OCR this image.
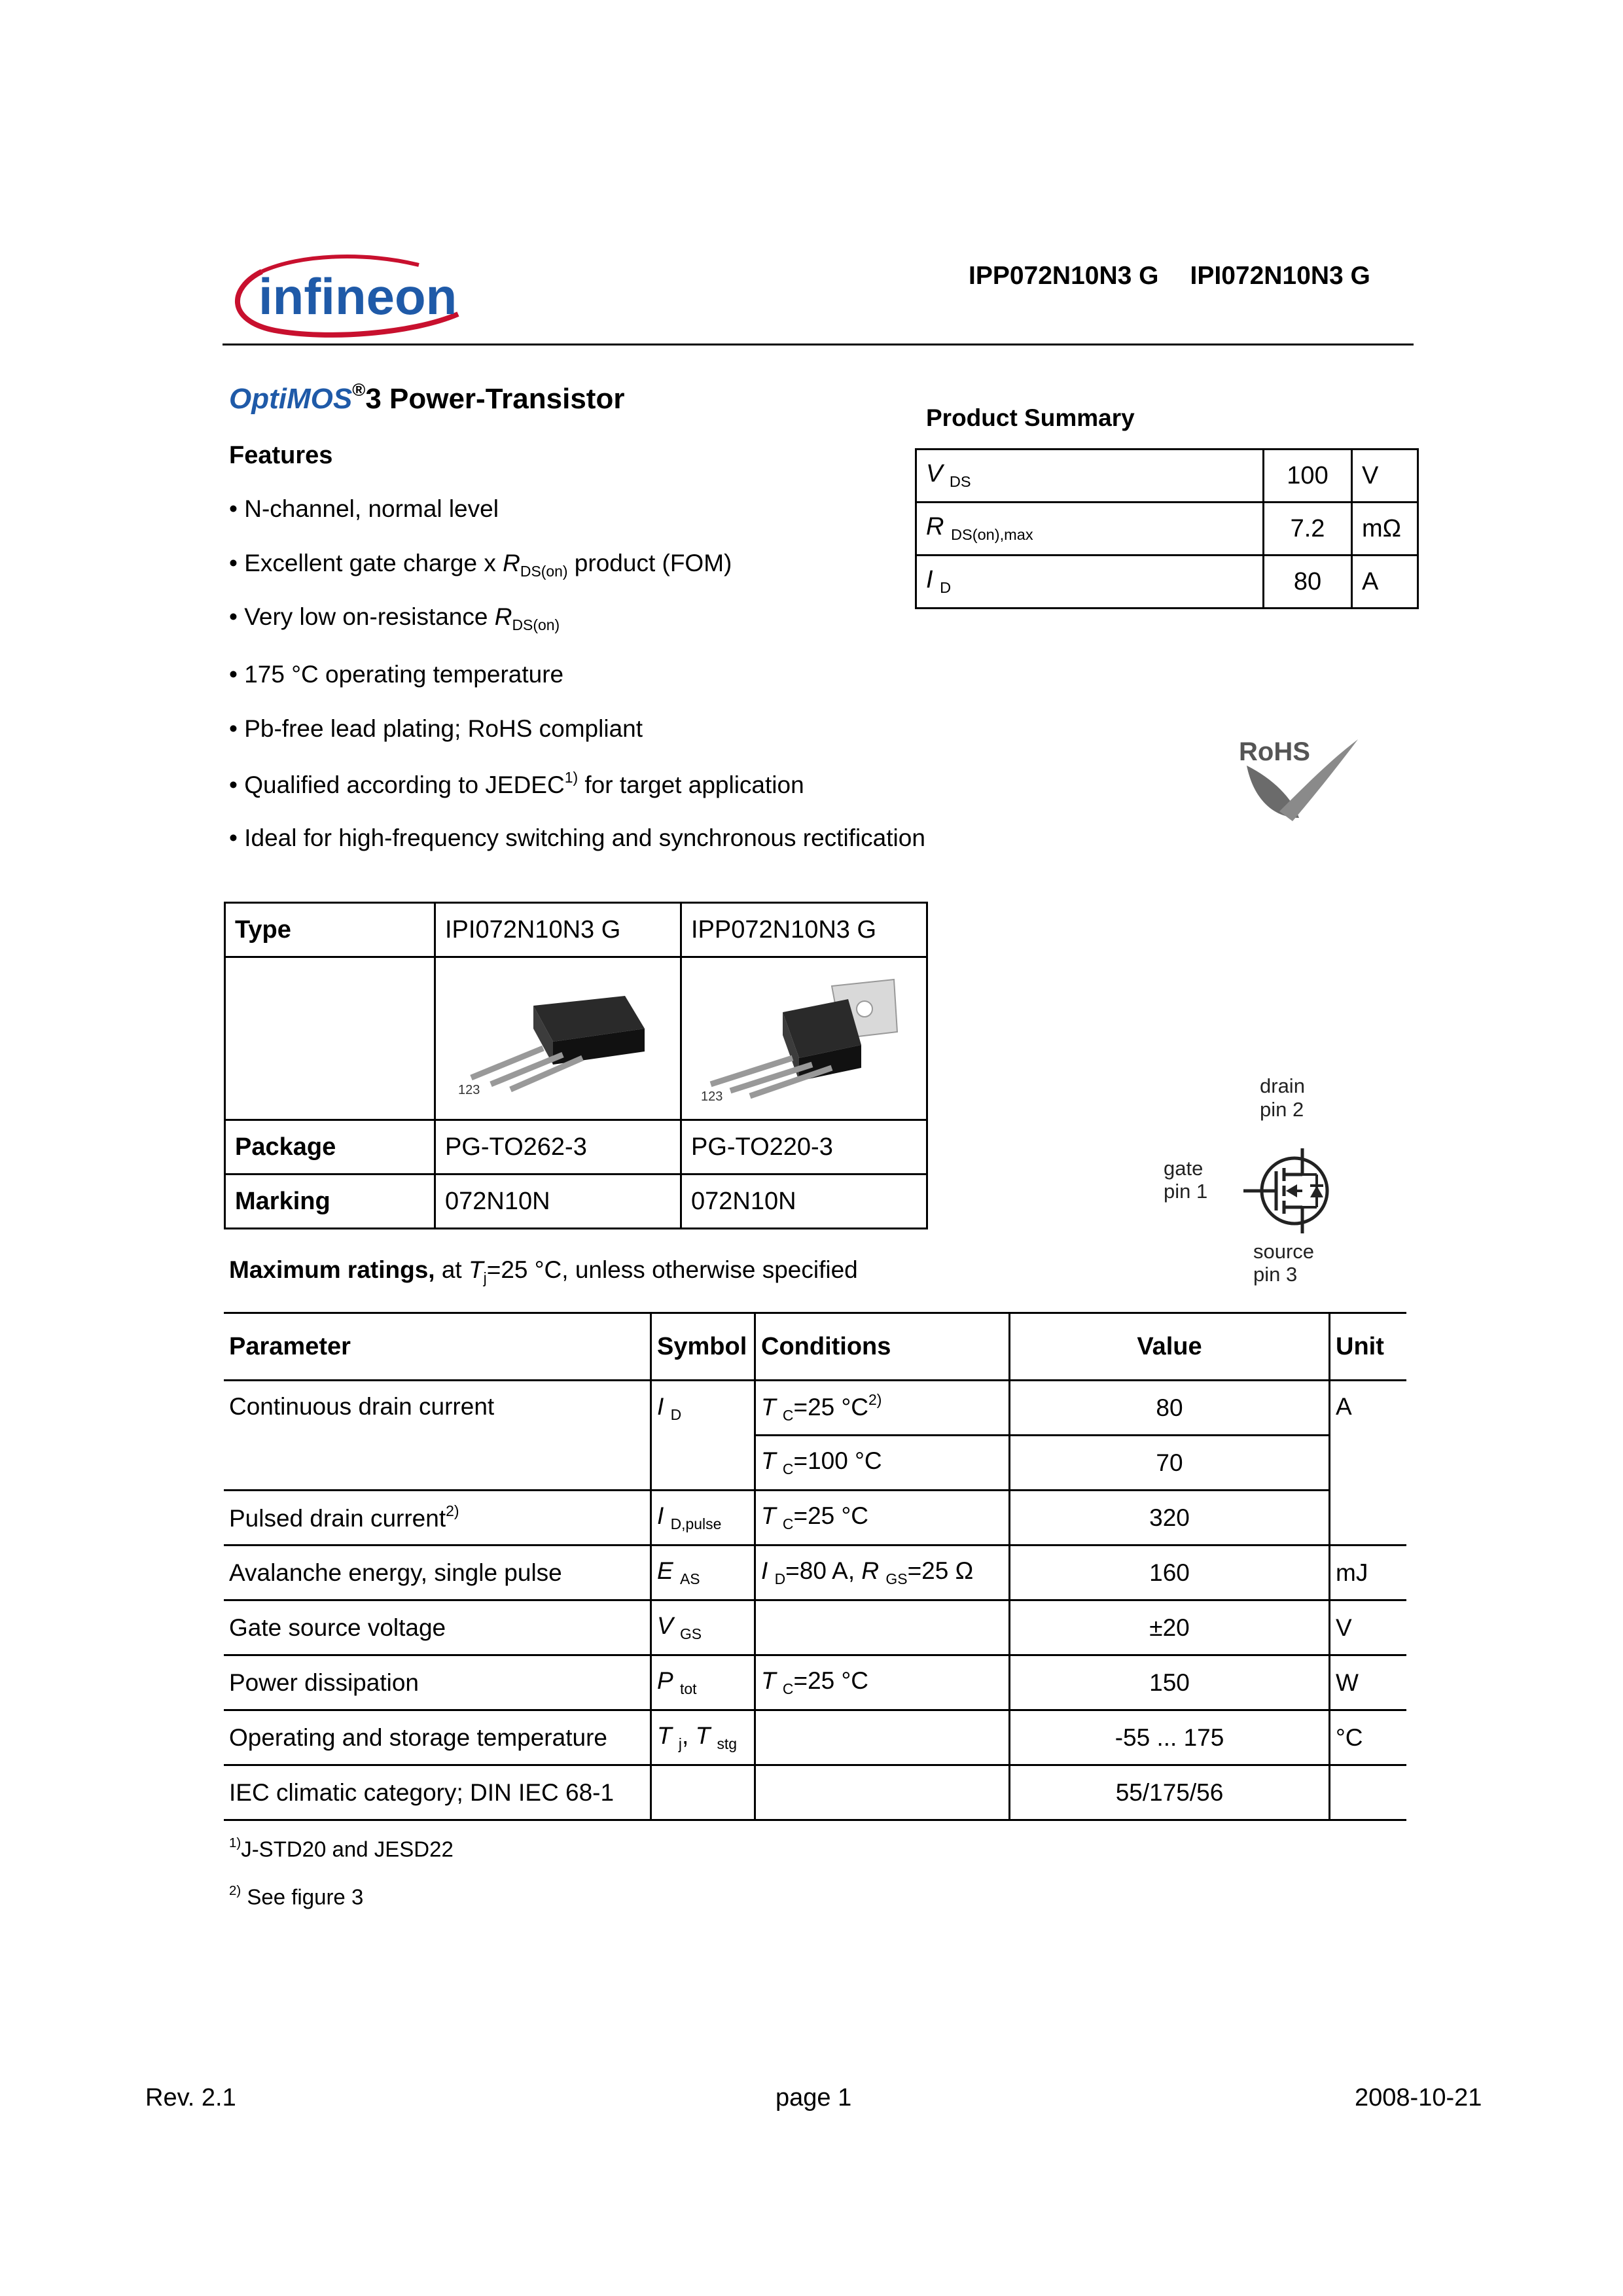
infineon	IPP072N10N3 G IPI072N10N3 G
OptiMOS®3 Power-Transistor
Features
• N-channel, normal level
• Excellent gate charge x $R_{DS(on)}$ product (FOM)
• Very low on-resistance $R_{DS(on)}$
• 175 °C operating temperature
• Pb-free lead plating; RoHS compliant
• Qualified according to JEDEC$^{1)}$ for target application
• Ideal for high-frequency switching and synchronous rectification
Product Summary
V $_{DS}$	100	V
R $_{DS(on),max}$	7.2	mΩ
I $_D$	80	A
RoHS
Type	IPI072N10N3 G	IPP072N10N3 G

123	123

Package	PG-TO262-3	PG-TO220-3
Marking	072N10N	072N10N
drain
pin 2
gate
pin 1
source
pin 3
Maximum ratings, at $T_j=25$ °C, unless otherwise specified
Parameter	Symbol	Conditions	Value	Unit
Continuous drain current	I $_D$	T $_C$=25 $^\circ C^{2)}$	80	A
		T $_C$=100 °C	70	
Pulsed drain current$^{2)}$	I $_{D,pulse}$	T $_C$=25 °C	320	
Avalanche energy, single pulse	E $_{AS}$	I $_D$=80 A, R $_{GS}$=25 Ω	160	mJ
Gate source voltage	V $_{GS}$		±20	V
Power dissipation	P $_{tot}$	T $_C$=25 °C	150	W
Operating and storage temperature	T $_j$, T $_{stg}$		-55 ... 175	°C
IEC climatic category; DIN IEC 68-1			55/175/56	
$^{1)}$J-STD20 and JESD22
$^{2)}$ See figure 3
Rev. 2.1	page 1	2008-10-21
